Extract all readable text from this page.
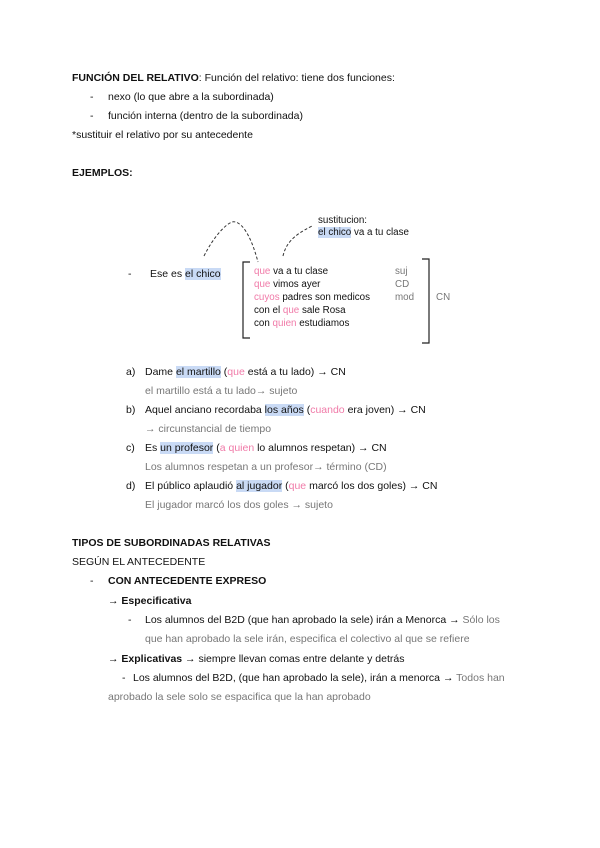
FUNCIÓN DEL RELATIVO: Función del relativo: tiene dos funciones:
- nexo (lo que abre a la subordinada)
- función interna (dentro de la subordinada)
*sustituir el relativo por su antecedente
EJEMPLOS:
sustitucion:
el chico va a tu clase
- Ese es el chico	que va a tu clase
que vimos ayer
cuyos padres son medicos
con el que sale Rosa
con quien estudiamos
suj
CD
mod CN
a) Dame el martillo (que está a tu lado) → CN
el martillo está a tu lado→ sujeto
b) Aquel anciano recordaba los años (cuando era joven) → CN
→ circunstancial de tiempo
c) Es un profesor (a quien lo alumnos respetan) → CN
Los alumnos respetan a un profesor→ término (CD)
d) El público aplaudió al jugador (que marcó los dos goles) → CN
El jugador marcó los dos goles → sujeto
TIPOS DE SUBORDINADAS RELATIVAS
SEGÚN EL ANTECEDENTE
- CON ANTECEDENTE EXPRESO
→ Especificativa
- Los alumnos del B2D (que han aprobado la sele) irán a Menorca → Sólo los
que han aprobado la sele irán, especifica el colectivo al que se refiere
→ Explicativas → siempre llevan comas entre delante y detrás
- Los alumnos del B2D, (que han aprobado la sele), irán a menorca → Todos han
aprobado la sele solo se espacifica que la han aprobado
